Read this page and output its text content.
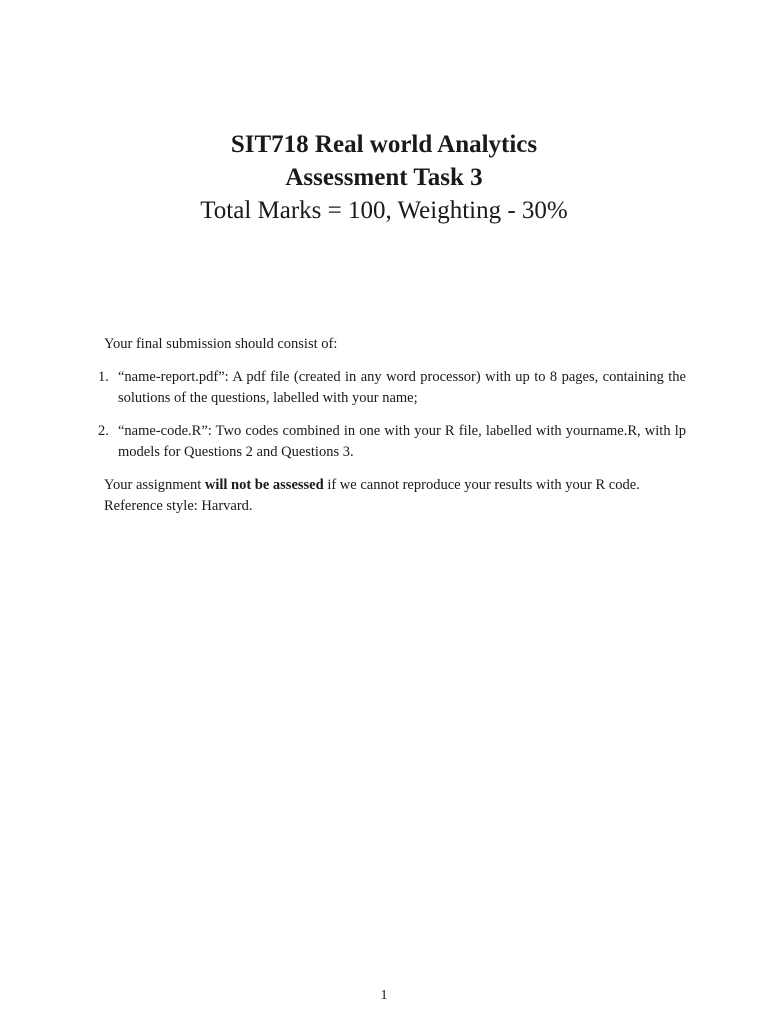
SIT718 Real world Analytics

Assessment Task 3

Total Marks = 100, Weighting - 30%

Your final submission should consist of:

1. “name-report.pdf”: A pdf file (created in any word processor) with up to 8 pages, containing the solutions of the questions, labelled with your name;
2. “name-code.R”: Two codes combined in one with your R file, labelled with yourname.R, with lp models for Questions 2 and Questions 3.

Your assignment will not be assessed if we cannot reproduce your results with your R code.

Reference style: Harvard.

1
